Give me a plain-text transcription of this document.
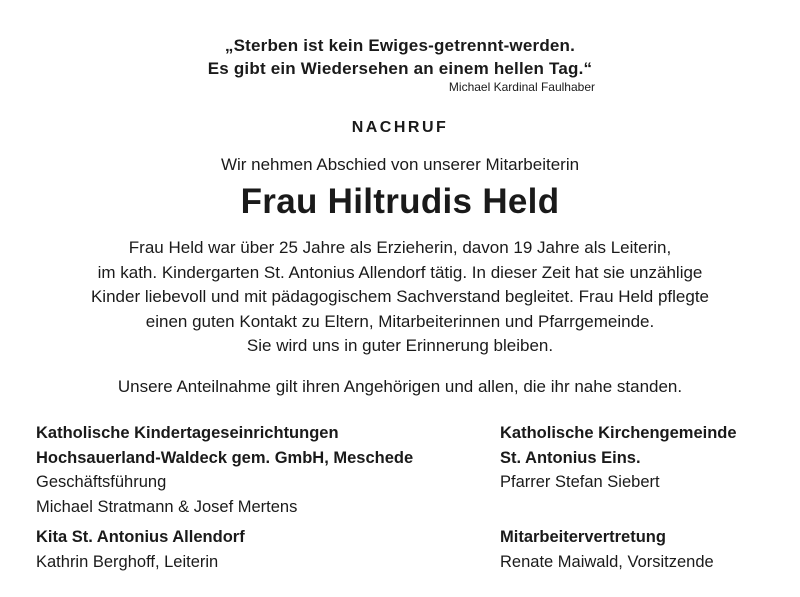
„Sterben ist kein Ewiges-getrennt-werden.
Es gibt ein Wiedersehen an einem hellen Tag.“
Michael Kardinal Faulhaber
NACHRUF
Wir nehmen Abschied von unserer Mitarbeiterin
Frau Hiltrudis Held
Frau Held war über 25 Jahre als Erzieherin, davon 19 Jahre als Leiterin,
im kath. Kindergarten St. Antonius Allendorf tätig. In dieser Zeit hat sie unzählige
Kinder liebevoll und mit pädagogischem Sachverstand begleitet. Frau Held pflegte
einen guten Kontakt zu Eltern, Mitarbeiterinnen und Pfarrgemeinde.
Sie wird uns in guter Erinnerung bleiben.
Unsere Anteilnahme gilt ihren Angehörigen und allen, die ihr nahe standen.
Katholische Kindertageseinrichtungen
Hochsauerland-Waldeck gem. GmbH, Meschede
Geschäftsführung
Michael Stratmann & Josef Mertens
Kita St. Antonius Allendorf
Kathrin Berghoff, Leiterin
Katholische Kirchengemeinde
St. Antonius Eins.
Pfarrer Stefan Siebert
Mitarbeitervertretung
Renate Maiwald, Vorsitzende
